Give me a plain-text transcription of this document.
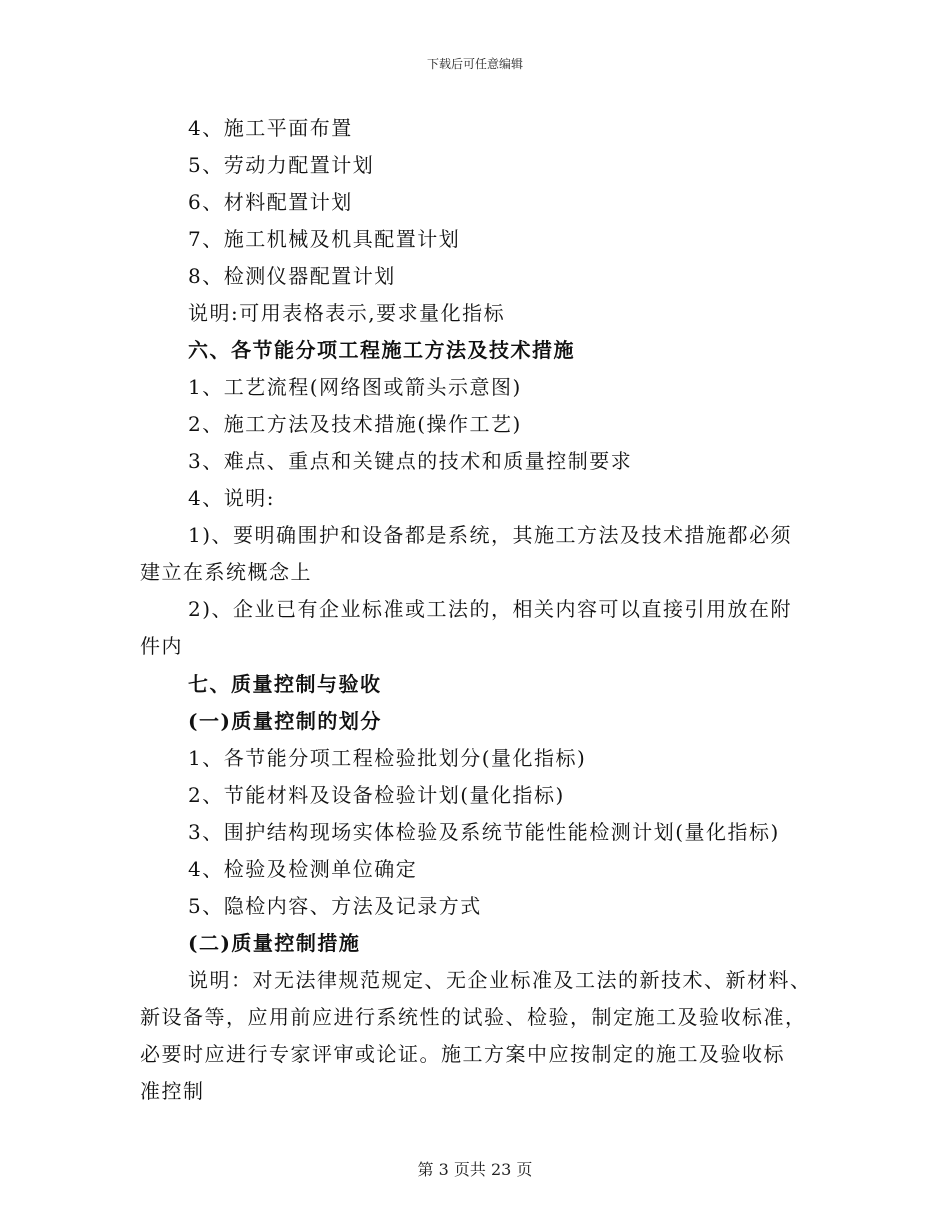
下载后可任意编辑
4、施工平面布置
5、劳动力配置计划
6、材料配置计划
7、施工机械及机具配置计划
8、检测仪器配置计划
说明:可用表格表示,要求量化指标
六、各节能分项工程施工方法及技术措施
1、工艺流程(网络图或箭头示意图)
2、施工方法及技术措施(操作工艺)
3、难点、重点和关键点的技术和质量控制要求
4、说明:
1)、要明确围护和设备都是系统，其施工方法及技术措施都必须
建立在系统概念上
2)、企业已有企业标准或工法的，相关内容可以直接引用放在附
件内
七、质量控制与验收
(一)质量控制的划分
1、各节能分项工程检验批划分(量化指标)
2、节能材料及设备检验计划(量化指标)
3、围护结构现场实体检验及系统节能性能检测计划(量化指标)
4、检验及检测单位确定
5、隐检内容、方法及记录方式
(二)质量控制措施
说明：对无法律规范规定、无企业标准及工法的新技术、新材料、
新设备等，应用前应进行系统性的试验、检验，制定施工及验收标准，
必要时应进行专家评审或论证。施工方案中应按制定的施工及验收标
准控制
第 3 页共 23 页
